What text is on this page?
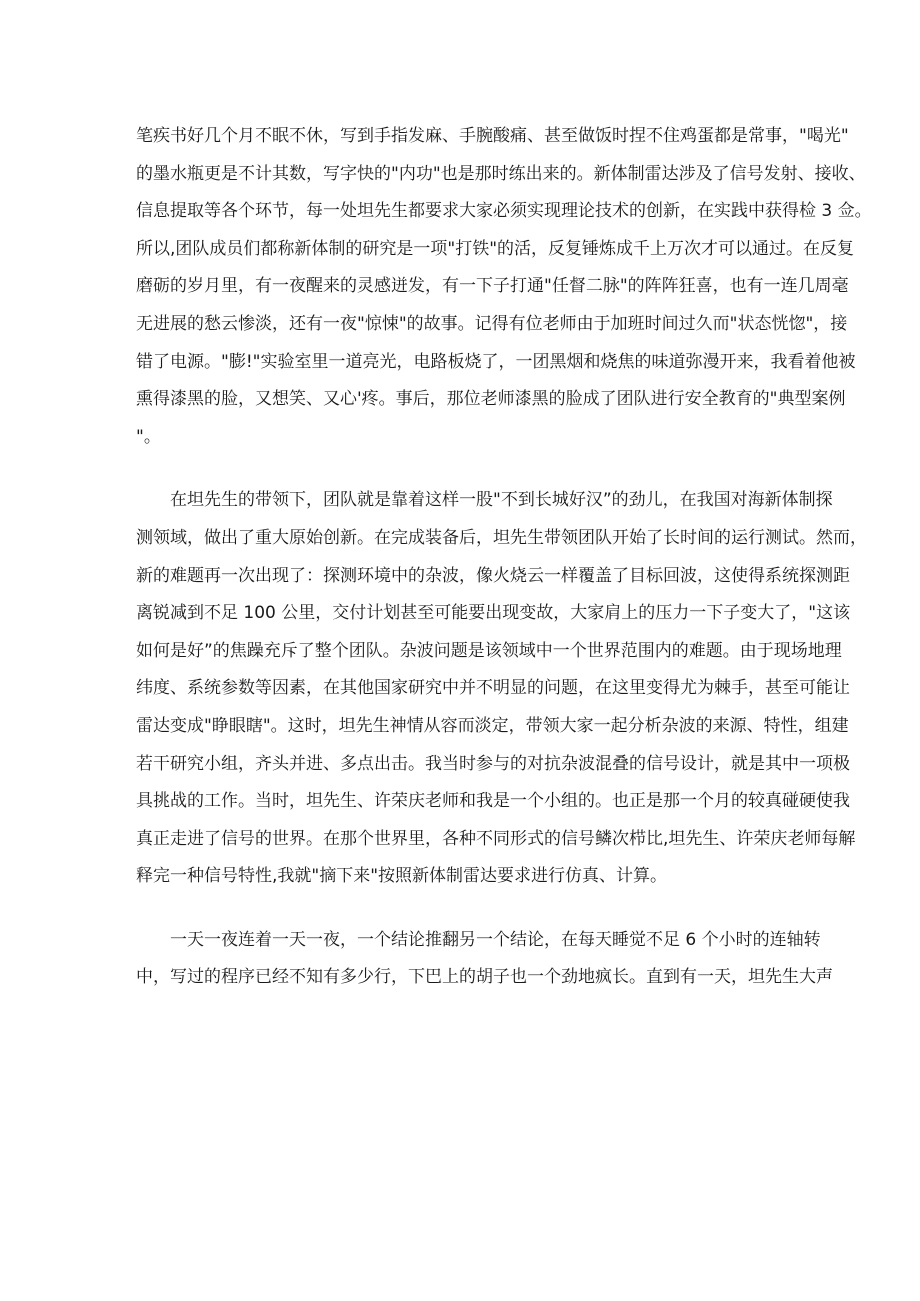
笔疾书好几个月不眠不休，写到手指发麻、手腕酸痛、甚至做饭时捏不住鸡蛋都是常事，"喝光"
的墨水瓶更是不计其数，写字快的"内功"也是那时练出来的。新体制雷达涉及了信号发射、接收、
信息提取等各个环节，每一处坦先生都要求大家必须实现理论技术的创新，在实践中获得检 3 佥。
所以,团队成员们都称新体制的研究是一项"打铁"的活，反复锤炼成千上万次才可以通过。在反复
磨砺的岁月里，有一夜醒来的灵感迸发，有一下子打通"任督二脉"的阵阵狂喜，也有一连几周毫
无进展的愁云惨淡，还有一夜"惊悚"的故事。记得有位老师由于加班时间过久而"状态恍惚"，接
错了电源。"膨!"实验室里一道亮光，电路板烧了，一团黑烟和烧焦的味道弥漫开来，我看着他被
熏得漆黑的脸，又想笑、又心'疼。事后，那位老师漆黑的脸成了团队进行安全教育的"典型案例
"。
在坦先生的带领下，团队就是靠着这样一股"不到长城好汉”的劲儿，在我国对海新体制探
测领域，做出了重大原始创新。在完成装备后，坦先生带领团队开始了长时间的运行测试。然而，
新的难题再一次出现了：探测环境中的杂波，像火烧云一样覆盖了目标回波，这使得系统探测距
离锐减到不足 100 公里，交付计划甚至可能要出现变故，大家肩上的压力一下子变大了，"这该
如何是好”的焦躁充斥了整个团队。杂波问题是该领域中一个世界范围内的难题。由于现场地理
纬度、系统参数等因素，在其他国家研究中并不明显的问题，在这里变得尤为棘手，甚至可能让
雷达变成"睁眼瞎"。这时，坦先生神情从容而淡定，带领大家一起分析杂波的来源、特性，组建
若干研究小组，齐头并进、多点出击。我当时参与的对抗杂波混叠的信号设计，就是其中一项极
具挑战的工作。当时，坦先生、许荣庆老师和我是一个小组的。也正是那一个月的较真碰硬使我
真正走进了信号的世界。在那个世界里，各种不同形式的信号鳞次栉比,坦先生、许荣庆老师每解
释完一种信号特性,我就"摘下来"按照新体制雷达要求进行仿真、计算。
一天一夜连着一天一夜，一个结论推翻另一个结论，在每天睡觉不足 6 个小时的连轴转
中，写过的程序已经不知有多少行，下巴上的胡子也一个劲地疯长。直到有一天，坦先生大声
